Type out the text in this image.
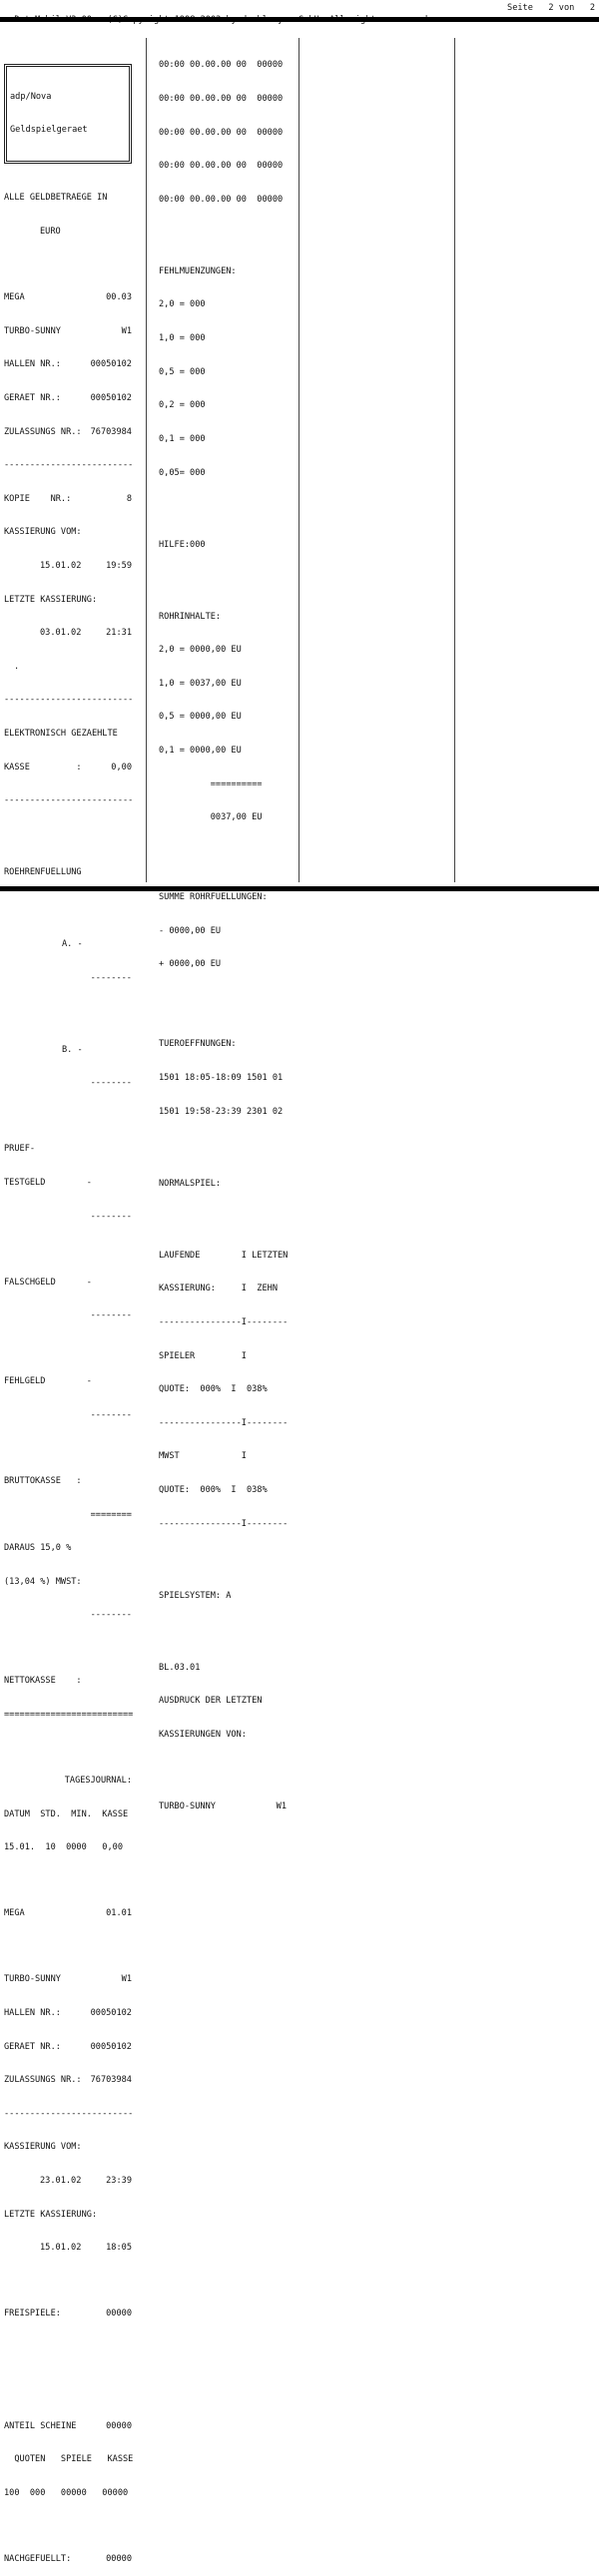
Seite   2 von   2

adp/Nova

Geldspielgeraet

ALLE GELDBETRAEGE IN

EURO

MEGA	00.03

TURBO-SUNNY	W1

HALLEN NR.:	00050102

GERAET NR.:	00050102

ZULASSUNGS NR.: 76703984

-------------------------

KOPIE    NR.:	8

KASSIERUNG VOM:

15.01.02	19:59

LETZTE KASSIERUNG:

03.01.02	21:31

.

-------------------------

ELEKTRONISCH GEZAEHLTE

KASSE         :	0,00

-------------------------

ROEHRENFUELLUNG

A. -

--------

B. -

--------

PRUEF-

TESTGELD        -

--------

FALSCHGELD      -

--------

FEHLGELD        -

--------

BRUTTOKASSE   :

========

DARAUS 15,0 %

(13,04 %) MWST:

--------

NETTOKASSE    :

=========================

TAGESJOURNAL:

DATUM  STD.  MIN.  KASSE

15.01.  10  0000   0,00

MEGA	01.01

TURBO-SUNNY	W1

HALLEN NR.:	00050102

GERAET NR.:	00050102

ZULASSUNGS NR.: 76703984

-------------------------

KASSIERUNG VOM:

23.01.02	23:39

LETZTE KASSIERUNG:

15.01.02	18:05

FREISPIELE:	00000

ANTEIL SCHEINE	00000

QUOTEN   SPIELE   KASSE

100  000   00000   00000

NACHGEFUELLT:	00000

00:00 00.00.00 00  00000

00:00 00.00.00 00  00000

00:00 00.00.00 00  00000

00:00 00.00.00 00  00000

00:00 00.00.00 00  00000

FEHLMUENZUNGEN:

2,0 = 000

1,0 = 000

0,5 = 000

0,2 = 000

0,1 = 000

0,05= 000

HILFE:000

ROHRINHALTE:

2,0 = 0000,00 EU

1,0 = 0037,00 EU

0,5 = 0000,00 EU

0,1 = 0000,00 EU

==========

0037,00 EU

SUMME ROHRFUELLUNGEN:

- 0000,00 EU

+ 0000,00 EU

TUEROEFFNUNGEN:

1501 18:05-18:09 1501 01

1501 19:58-23:39 2301 02

NORMALSPIEL:

LAUFENDE        I LETZTEN

KASSIERUNG:     I  ZEHN

----------------I--------

SPIELER         I

QUOTE:  000%  I  038%

----------------I--------

MWST            I

QUOTE:  000%  I  038%

----------------I--------

SPIELSYSTEM: A

BL.03.01

AUSDRUCK DER LETZTEN

KASSIERUNGEN VON:

TURBO-SUNNY	W1
